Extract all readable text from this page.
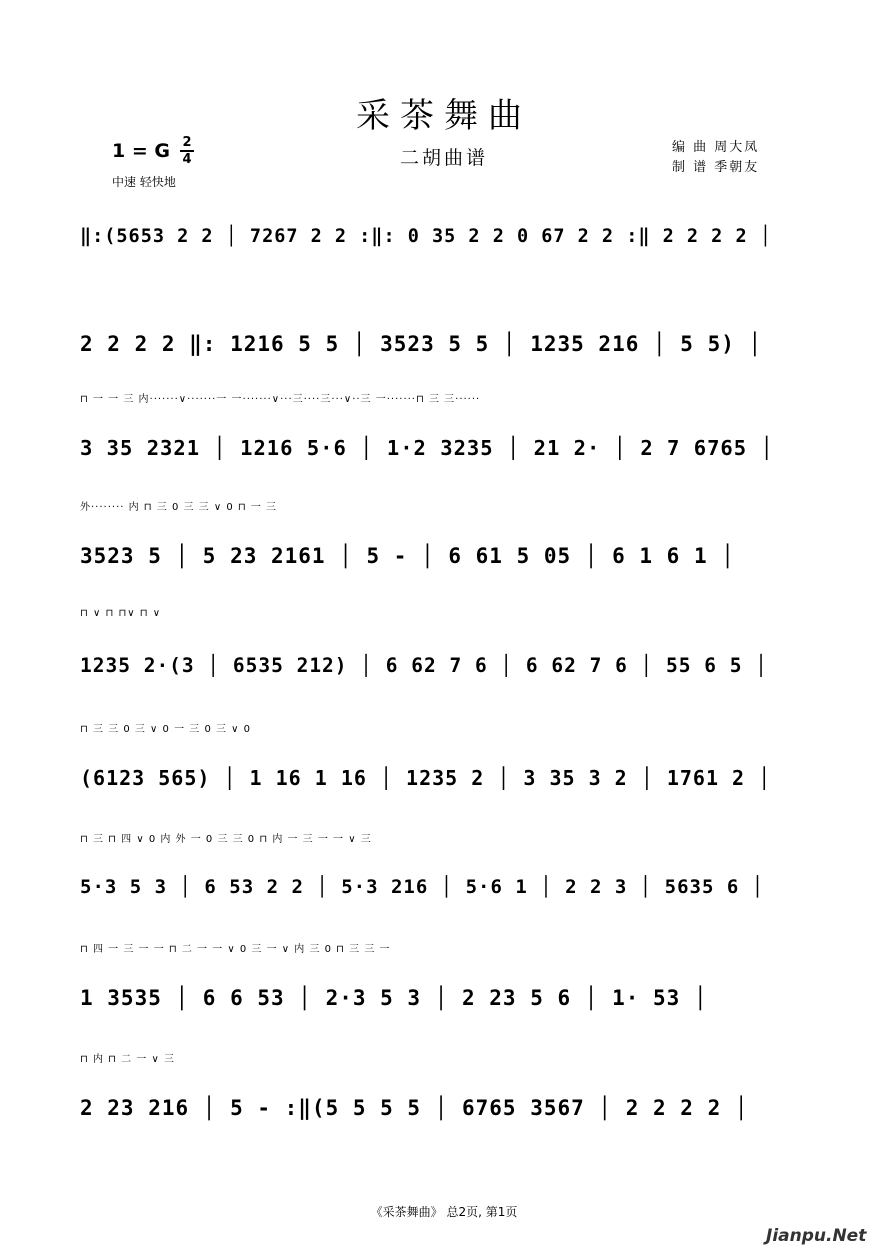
采茶舞曲
二胡曲谱
1 = G 2
4
中速 轻快地
编 曲 周大凤
制 谱 季朝友
‖:(5653 2 2 │ 7267 2 2 :‖: 0 35 2 2 0 67 2 2 :‖ 2 2 2 2 │
2 2 2 2 ‖: 1216 5 5 │ 3523 5 5 │ 1235 216 │ 5 5) │
⊓ 一 一 三 内·······∨·······一 一·······∨···三····三···∨··三 一·······⊓ 三 三······
3 35 2321 │ 1216 5·6 │ 1·2 3235 │ 21 2· │ 2 7 6765 │
外········ 内 ⊓ 三 0 三 三 ∨ 0 ⊓ 一 三
3523 5 │ 5 23 2161 │ 5 - │ 6 61 5 05 │ 6 1 6 1 │
⊓ ∨ ⊓ ⊓∨ ⊓ ∨
1235 2·(3 │ 6535 212) │ 6 62 7 6 │ 6 62 7 6 │ 55 6 5 │
⊓ 三 三 0 三 ∨ 0 一 三 0 三 ∨ 0
(6123 565) │ 1 16 1 16 │ 1235 2 │ 3 35 3 2 │ 1761 2 │
⊓ 三 ⊓ 四 ∨ 0 内 外 一 0 三 三 0 ⊓ 内 一 三 一 一 ∨ 三
5·3 5 3 │ 6 53 2 2 │ 5·3 216 │ 5·6 1 │ 2 2 3 │ 5635 6 │
⊓ 四 一 三 一 一 ⊓ 二 一 一 ∨ 0 三 一 ∨ 内 三 0 ⊓ 三 三 一
1 3535 │ 6 6 53 │ 2·3 5 3 │ 2 23 5 6 │ 1· 53 │
⊓ 内 ⊓ 二 一 ∨ 三
2 23 216 │ 5 - :‖(5 5 5 5 │ 6765 3567 │ 2 2 2 2 │
《采茶舞曲》 总2页, 第1页
Jianpu.Net
